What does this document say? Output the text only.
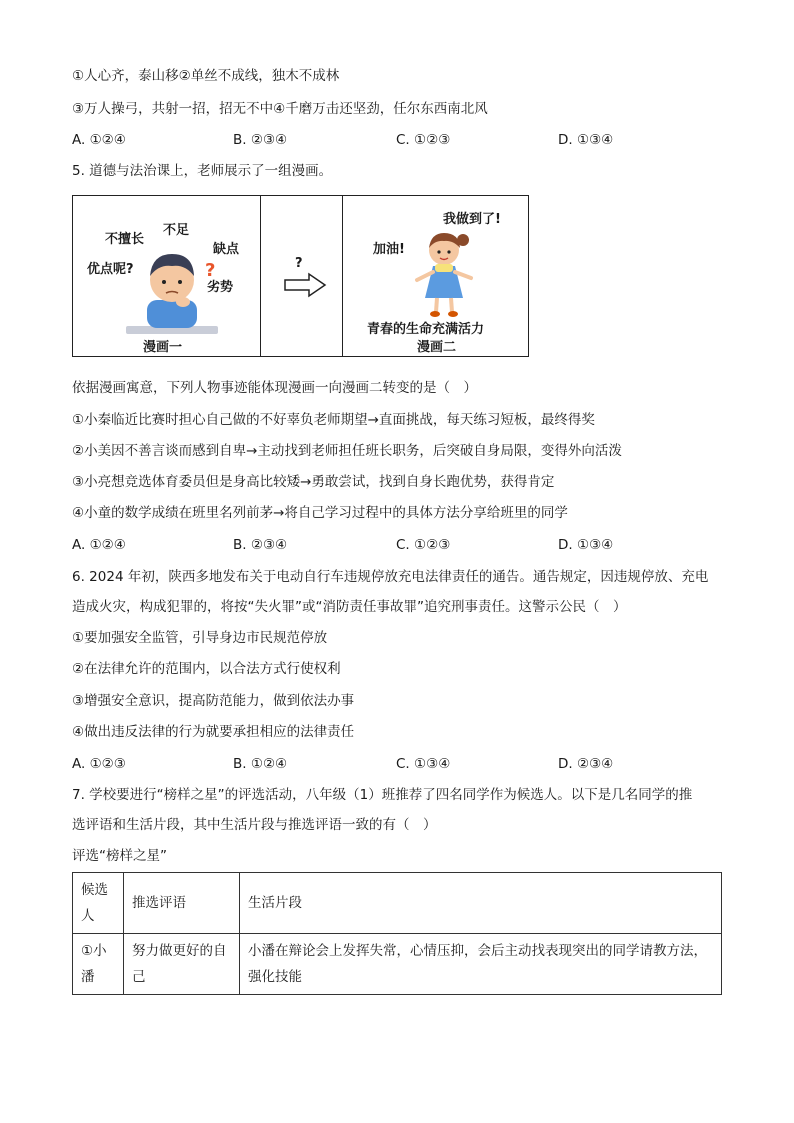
①人心齐，泰山移②单丝不成线，独木不成林
③万人操弓，共射一招，招无不中④千磨万击还坚劲，任尔东西南北风
A. ①②④	B. ②③④	C. ①②③	D. ①③④
5. 道德与法治课上，老师展示了一组漫画。
不擅长
不足
缺点
优点呢?
劣势
?
漫画一
?
我做到了!
加油!
青春的生命充满活力
漫画二
依据漫画寓意，下列人物事迹能体现漫画一向漫画二转变的是（　）
①小秦临近比赛时担心自己做的不好辜负老师期望→直面挑战，每天练习短板，最终得奖
②小美因不善言谈而感到自卑→主动找到老师担任班长职务，后突破自身局限，变得外向活泼
③小亮想竞选体育委员但是身高比较矮→勇敢尝试，找到自身长跑优势，获得肯定
④小童的数学成绩在班里名列前茅→将自己学习过程中的具体方法分享给班里的同学
A. ①②④	B. ②③④	C. ①②③	D. ①③④
6. 2024 年初，陕西多地发布关于电动自行车违规停放充电法律责任的通告。通告规定，因违规停放、充电
造成火灾，构成犯罪的，将按“失火罪”或“消防责任事故罪”追究刑事责任。这警示公民（　）
①要加强安全监管，引导身边市民规范停放
②在法律允许的范围内，以合法方式行使权利
③增强安全意识，提高防范能力，做到依法办事
④做出违反法律的行为就要承担相应的法律责任
A. ①②③	B. ①②④	C. ①③④	D. ②③④
7. 学校要进行“榜样之星”的评选活动，八年级（1）班推荐了四名同学作为候选人。以下是几名同学的推
选评语和生活片段，其中生活片段与推选评语一致的有（　）
评选“榜样之星”
候选人	推选评语	生活片段
①小潘	努力做更好的自己	小潘在辩论会上发挥失常，心情压抑，会后主动找表现突出的同学请教方法，强化技能
